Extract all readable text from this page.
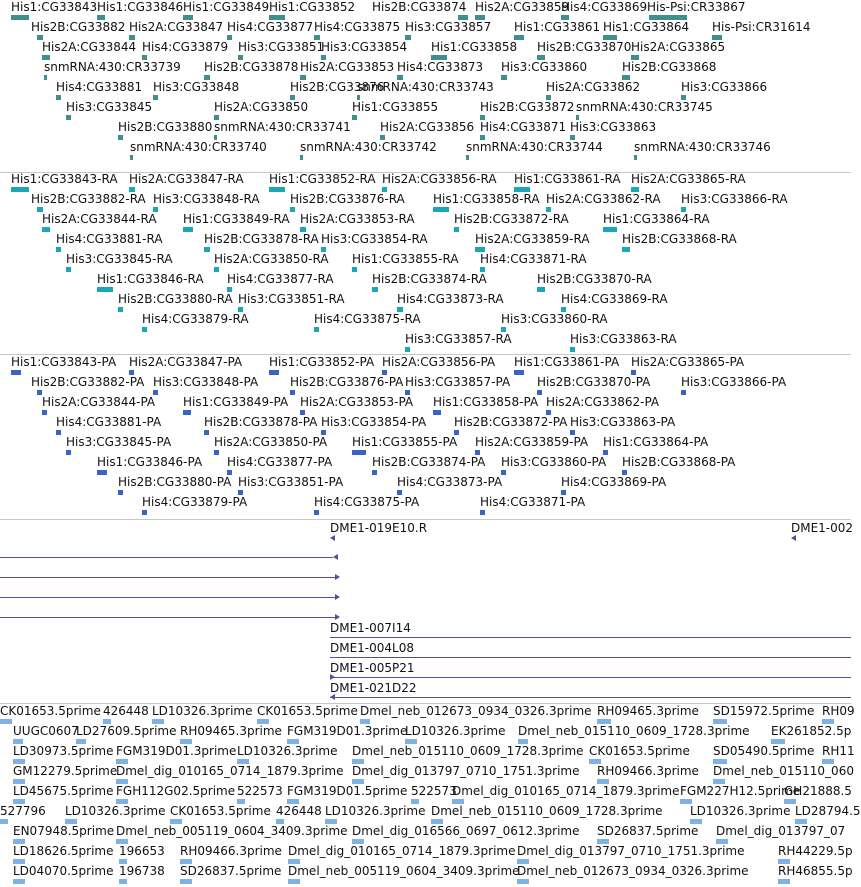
His1:CG33843 His1:CG33846 His1:CG33849 His1:CG33852 His2B:CG33874 His2A:CG33859
His4:CG33869 His-Psi:CR33867
His2B:CG33882 His2A:CG33847 His4:CG33877 His4:CG33875 His3:CG33857 His1:CG33861 His1:CG33864 His-Psi:CR31614
His2A:CG33844 His4:CG33879 His3:CG33851
His3:CG33854 His1:CG33858 His2B:CG33870 His2A:CG33865
snmRNA:430:CR33739 His2B:CG33878 His2A:CG33853 His4:CG33873 His3:CG33860	His2B:CG33868
His4:CG33881 His3:CG33848	His2B:CG33876
snmRNA:430:CR33743	His2A:CG33862	His3:CG33866
His3:CG33845	His2A:CG33850	His1:CG33855	His2B:CG33872 snmRNA:430:CR33745
His2B:CG33880 snmRNA:430:CR33741 His2A:CG33856 His4:CG33871 His3:CG33863
snmRNA:430:CR33740	snmRNA:430:CR33742 snmRNA:430:CR33744	snmRNA:430:CR33746
His1:CG33843-RA His2A:CG33847-RA His1:CG33852-RA His2A:CG33856-RA His1:CG33861-RA His2A:CG33865-RA
His2B:CG33882-RA His3:CG33848-RA	His2B:CG33876-RA His1:CG33858-RA His2A:CG33862-RA His3:CG33866-RA
His2A:CG33844-RA His1:CG33849-RA His2A:CG33853-RA	His2B:CG33872-RA	His1:CG33864-RA
His4:CG33881-RA	His2B:CG33878-RA His3:CG33854-RA	His2A:CG33859-RA	His2B:CG33868-RA
His3:CG33845-RA	His2A:CG33850-RA His1:CG33855-RA His4:CG33871-RA
His1:CG33846-RA His4:CG33877-RA	His2B:CG33874-RA	His2B:CG33870-RA
His2B:CG33880-RA His3:CG33851-RA	His4:CG33873-RA	His4:CG33869-RA
His4:CG33879-RA	His4:CG33875-RA	His3:CG33860-RA
His3:CG33857-RA	His3:CG33863-RA
His1:CG33843-PA His2A:CG33847-PA His1:CG33852-PA His2A:CG33856-PA His1:CG33861-PA His2A:CG33865-PA
His2B:CG33882-PA His3:CG33848-PA	His2B:CG33876-PA His3:CG33857-PA His2B:CG33870-PA	His3:CG33866-PA
His2A:CG33844-PA His1:CG33849-PA His2A:CG33853-PA His1:CG33858-PA His2A:CG33862-PA
His4:CG33881-PA	His2B:CG33878-PA His3:CG33854-PA His2B:CG33872-PA His3:CG33863-PA
His3:CG33845-PA	His2A:CG33850-PA His1:CG33855-PA His2A:CG33859-PA His1:CG33864-PA
His1:CG33846-PA His4:CG33877-PA	His2B:CG33874-PA His3:CG33860-PA His2B:CG33868-PA
His2B:CG33880-PA His3:CG33851-PA	His4:CG33873-PA	His4:CG33869-PA
His4:CG33879-PA	His4:CG33875-PA	His4:CG33871-PA
DME1-019E10.R	DME1-002
DME1-007I14
DME1-004L08
DME1-005P21
DME1-021D22
CK01653.5prime 426448 LD10326.3prime CK01653.5prime Dmel_neb_012673_0934_0326.3prime RH09465.3prime SD15972.5prime RH09
UUGC0607
LD27609.5prime RH09465.3prime FGM319D01.3prime
LD10326.3prime Dmel_neb_015110_0609_1728.3prime EK261852.5p
LD30973.5prime FGM319D01.3prime LD10326.3prime Dmel_neb_015110_0609_1728.3prime CK01653.5prime SD05490.5prime RH11
GM12279.5prime
Dmel_dig_010165_0714_1879.3prime Dmel_dig_013797_0710_1751.3prime RH09466.3prime Dmel_neb_015110_060
LD45675.5prime FGH112G02.5prime 522573 FGM319D01.5prime 522573
Dmel_dig_010165_0714_1879.3prime FGM227H12.5prime
GH21888.5
527796 LD10326.3prime CK01653.5prime 426448 LD10326.3prime Dmel_neb_015110_0609_1728.3prime LD10326.3prime LD28794.5
EN07948.5prime Dmel_neb_005119_0604_3409.3prime Dmel_dig_016566_0697_0612.3prime SD26837.5prime Dmel_dig_013797_07
LD18626.5prime 196653 RH09466.3prime Dmel_dig_010165_0714_1879.3prime Dmel_dig_013797_0710_1751.3prime	RH44229.5p
LD04070.5prime 196738 SD26837.5prime Dmel_neb_005119_0604_3409.3prime
Dmel_neb_012673_0934_0326.3prime RH46855.5p
